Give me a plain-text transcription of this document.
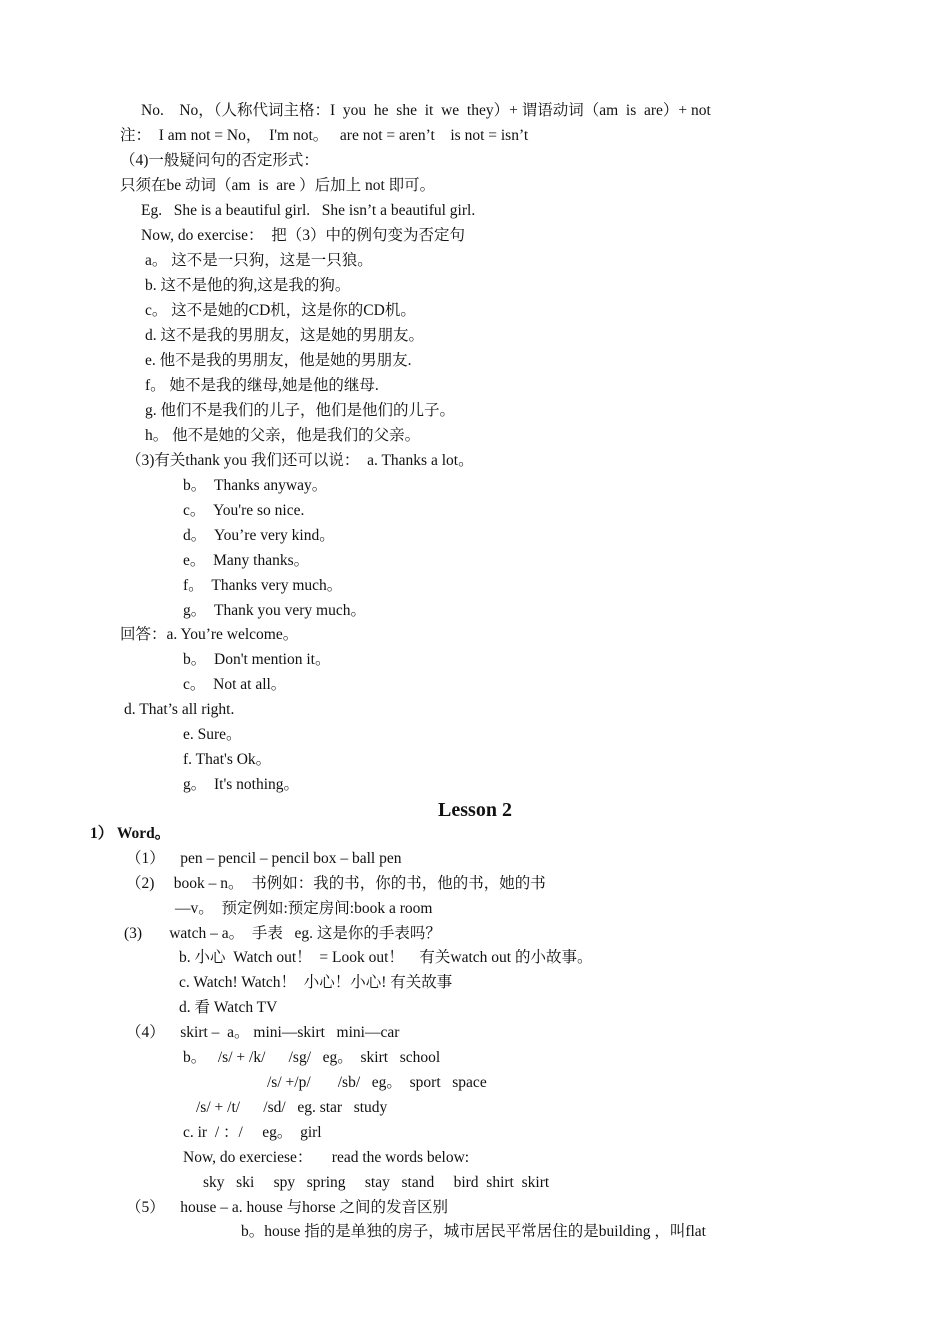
No.    No，（人称代词主格：I  you  he  she  it  we  they）+ 谓语动词（am  is  are）+ not
注：  I am not = No，  I'm not。   are not = aren’t    is not = isn’t
（4)一般疑问句的否定形式：
只须在be 动词（am  is  are ）后加上 not 即可。
Eg.   She is a beautiful girl.   She isn’t a beautiful girl.
Now, do exercise：  把（3）中的例句变为否定句
a。 这不是一只狗，这是一只狼。
b. 这不是他的狗,这是我的狗。
c。 这不是她的CD机，这是你的CD机。
d. 这不是我的男朋友，这是她的男朋友。
e. 他不是我的男朋友，他是她的男朋友.
f。 她不是我的继母,她是他的继母.
g. 他们不是我们的儿子，他们是他们的儿子。
h。 他不是她的父亲，他是我们的父亲。
（3)有关thank you 我们还可以说：  a. Thanks a lot。
b。  Thanks anyway。
c。  You're so nice.
d。  You’re very kind。
e。  Many thanks。
f。  Thanks very much。
g。  Thank you very much。
回答：a. You’re welcome。
b。  Don't mention it。
c。  Not at all。
d. That’s all right.
e. Sure。
f. That's Ok。
g。  It's nothing。
Lesson 2
1） Word。
（1）    pen – pencil – pencil box – ball pen
（2)     book – n。  书例如：我的书，你的书，他的书，她的书
—v。  预定例如:预定房间:book a room
(3)       watch – a。  手表   eg. 这是你的手表吗？
b. 小心  Watch out！  = Look out！    有关watch out 的小故事。
c. Watch! Watch！  小心！小心! 有关故事
d. 看 Watch TV
（4）    skirt –  a。 mini—skirt   mini—car
b。   /s/ + /k/      /sg/   eg。  skirt   school
/s/ +/p/       /sb/   eg。  sport   space
/s/ + /t/      /sd/   eg. star   study
c. ir  / ：/     eg。  girl
Now, do exerciese：     read the words below:
sky   ski     spy   spring     stay   stand     bird  shirt  skirt
（5）    house – a. house 与horse 之间的发音区别
b。house 指的是单独的房子，城市居民平常居住的是building ，叫flat
